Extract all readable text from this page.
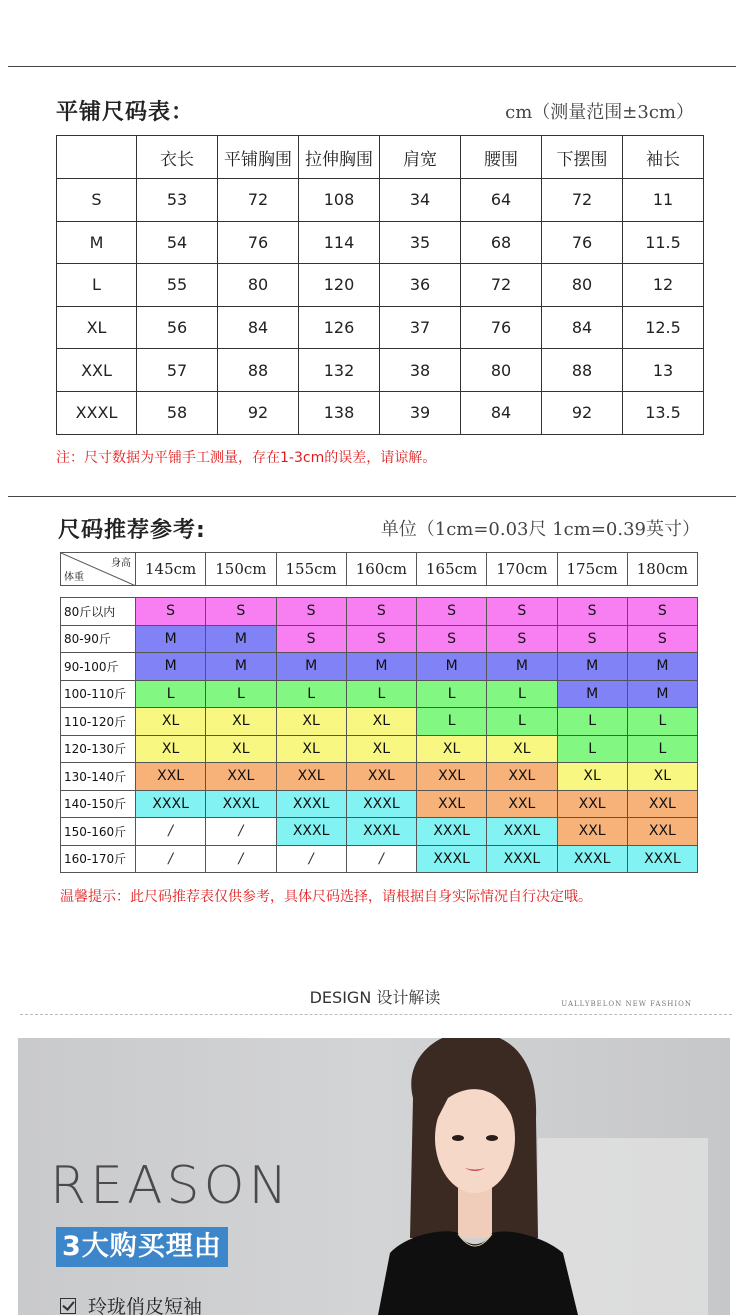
平铺尺码表：	cm（测量范围±3cm）
	衣长	平铺胸围	拉伸胸围	肩宽	腰围	下摆围	袖长
S	53	72	108	34	64	72	11
M	54	76	114	35	68	76	11.5
L	55	80	120	36	72	80	12
XL	56	84	126	37	76	84	12.5
XXL	57	88	132	38	80	88	13
XXXL	58	92	138	39	84	92	13.5
注：尺寸数据为平铺手工测量，存在1-3cm的误差，请谅解。
尺码推荐参考:	单位（1cm=0.03尺 1cm=0.39英寸）
身高
体重	145cm	150cm	155cm	160cm	165cm	170cm	175cm	180cm
80斤以内	S	S	S	S	S	S	S	S
80-90斤	M	M	S	S	S	S	S	S
90-100斤	M	M	M	M	M	M	M	M
100-110斤	L	L	L	L	L	L	M	M
110-120斤	XL	XL	XL	XL	L	L	L	L
120-130斤	XL	XL	XL	XL	XL	XL	L	L
130-140斤	XXL	XXL	XXL	XXL	XXL	XXL	XL	XL
140-150斤	XXXL	XXXL	XXXL	XXXL	XXL	XXL	XXL	XXL
150-160斤	/	/	XXXL	XXXL	XXXL	XXXL	XXL	XXL
160-170斤	/	/	/	/	XXXL	XXXL	XXXL	XXXL
温馨提示：此尺码推荐表仅供参考，具体尺码选择，请根据自身实际情况自行决定哦。
DESIGN 设计解读	UALLYBELON NEW FASHION
REASON
3大购买理由
玲珑俏皮短袖
